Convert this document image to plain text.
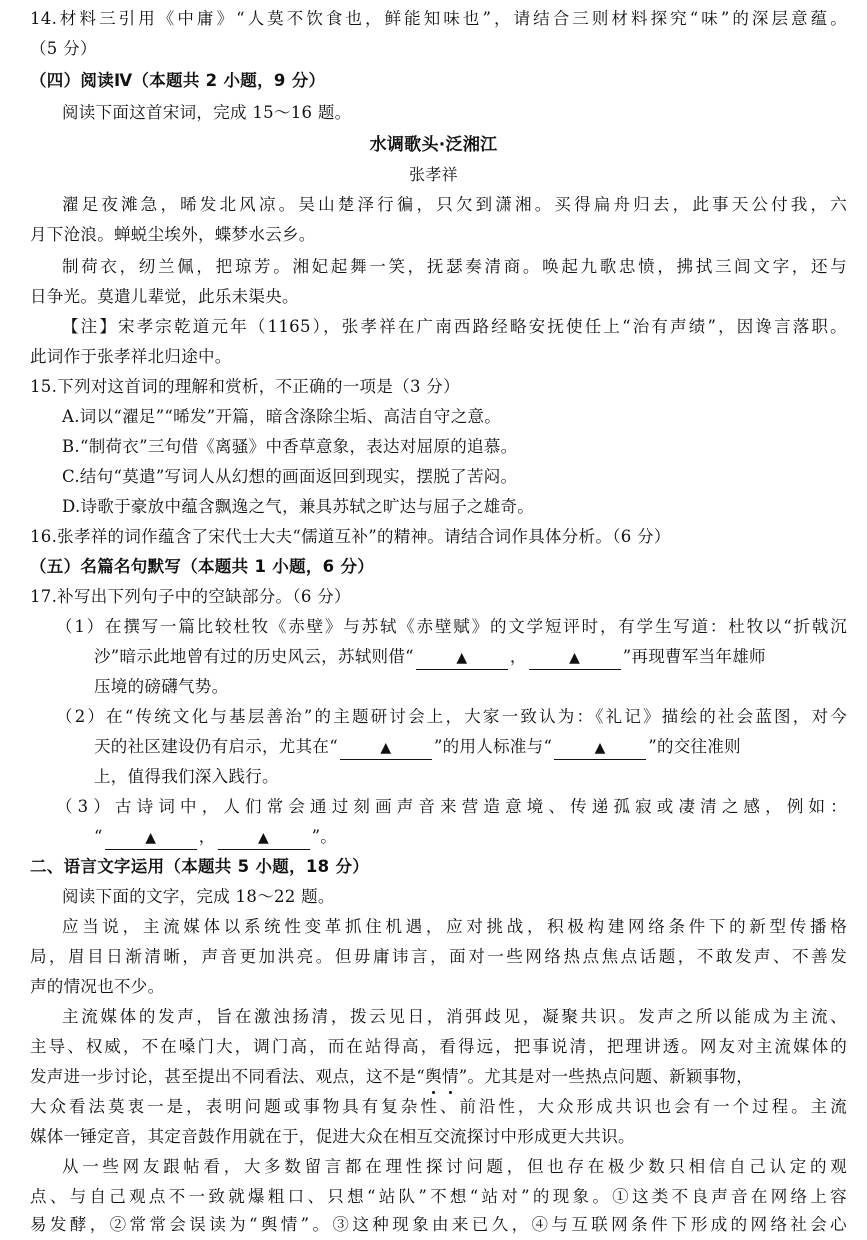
14.材料三引用《中庸》“人莫不饮食也，鲜能知味也”，请结合三则材料探究“味”的深层意蕴。
（5 分）
（四）阅读Ⅳ（本题共 2 小题，9 分）
阅读下面这首宋词，完成 15～16 题。
水调歌头·泛湘江
张孝祥
濯足夜滩急，晞发北风凉。吴山楚泽行徧，只欠到潇湘。买得扁舟归去，此事天公付我，六
月下沧浪。蝉蜕尘埃外，蝶梦水云乡。
制荷衣，纫兰佩，把琼芳。湘妃起舞一笑，抚瑟奏清商。唤起九歌忠愤，拂拭三闾文字，还与
日争光。莫遣儿辈觉，此乐未渠央。
【注】宋孝宗乾道元年（1165），张孝祥在广南西路经略安抚使任上“治有声绩”，因谗言落职。
此词作于张孝祥北归途中。
15.下列对这首词的理解和赏析，不正确的一项是（3 分）
A.词以“濯足”“晞发”开篇，暗含涤除尘垢、高洁自守之意。
B.“制荷衣”三句借《离骚》中香草意象，表达对屈原的追慕。
C.结句“莫遣”写词人从幻想的画面返回到现实，摆脱了苦闷。
D.诗歌于豪放中蕴含飘逸之气，兼具苏轼之旷达与屈子之雄奇。
16.张孝祥的词作蕴含了宋代士大夫“儒道互补”的精神。请结合词作具体分析。（6 分）
（五）名篇名句默写（本题共 1 小题，6 分）
17.补写出下列句子中的空缺部分。（6 分）
（1）在撰写一篇比较杜牧《赤壁》与苏轼《赤壁赋》的文学短评时，有学生写道：杜牧以“折戟沉
沙”暗示此地曾有过的历史风云，苏轼则借“	▲	，	▲	”再现曹军当年雄师
压境的磅礴气势。
（2）在“传统文化与基层善治”的主题研讨会上，大家一致认为：《礼记》描绘的社会蓝图，对今
天的社区建设仍有启示，尤其在“	▲	”的用人标准与“	▲	”的交往准则
上，值得我们深入践行。
（3）古诗词中，人们常会通过刻画声音来营造意境、传递孤寂或凄清之感，例如：
“	▲	，	▲	”。
二、语言文字运用（本题共 5 小题，18 分）
阅读下面的文字，完成 18～22 题。
应当说，主流媒体以系统性变革抓住机遇，应对挑战，积极构建网络条件下的新型传播格
局，眉目日渐清晰，声音更加洪亮。但毋庸讳言，面对一些网络热点焦点话题，不敢发声、不善发
声的情况也不少。
主流媒体的发声，旨在激浊扬清，拨云见日，消弭歧见，凝聚共识。发声之所以能成为主流、
主导、权威，不在嗓门大，调门高，而在站得高，看得远，把事说清，把理讲透。网友对主流媒体的
发声进一步讨论，甚至提出不同看法、观点，这不是“舆情”。尤其是对一些热点问题、新颖事物，
大众看法莫衷一是，表明问题或事物具有复杂性、前沿性，大众形成共识也会有一个过程。主流
媒体一锤定音，其定音鼓作用就在于，促进大众在相互交流探讨中形成更大共识。
从一些网友跟帖看，大多数留言都在理性探讨问题，但也存在极少数只相信自己认定的观
点、与自己观点不一致就爆粗口、只想“站队”不想“站对”的现象。①这类不良声音在网络上容
易发酵，②常常会误读为“舆情”。③这种现象由来已久，④与互联网条件下形成的网络社会心
